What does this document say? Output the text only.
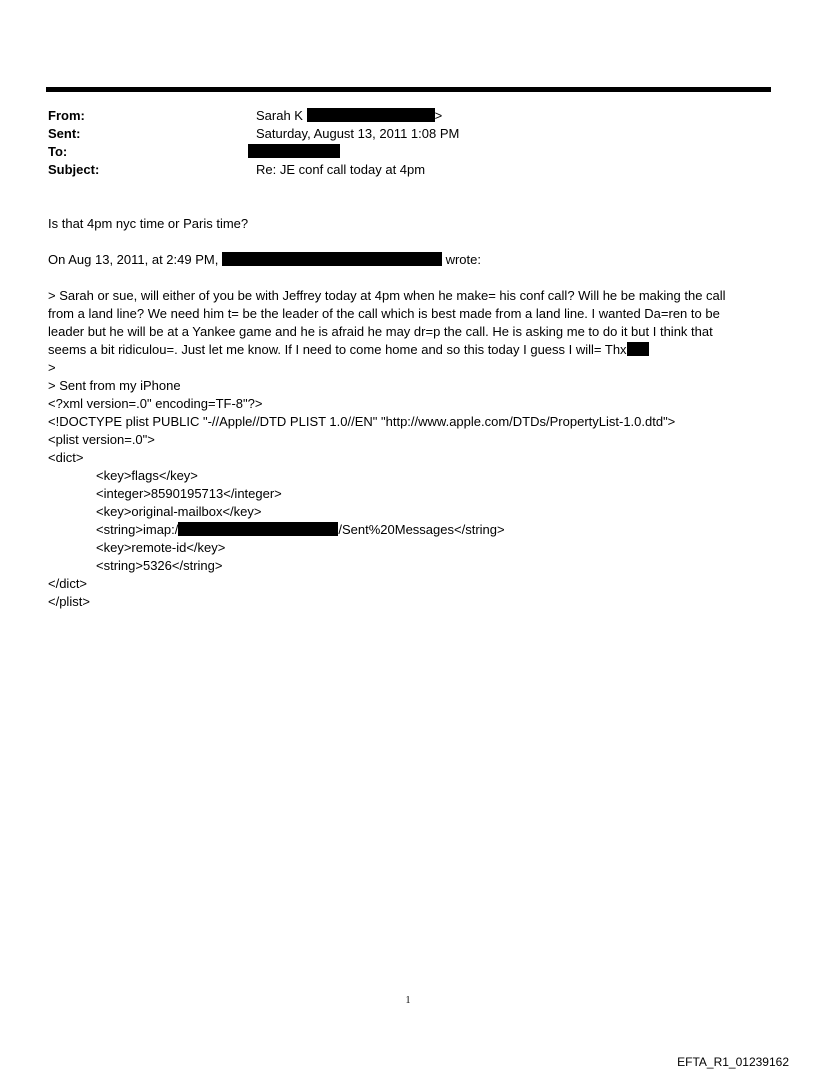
From:	Sarah K	>
Sent:	Saturday, August 13, 2011 1:08 PM
To:
Subject:	Re: JE conf call today at 4pm
Is that 4pm nyc time or Paris time?
On Aug 13, 2011, at 2:49 PM,	wrote:
> Sarah or sue, will either of you be with Jeffrey today at 4pm when he make= his conf call? Will he be making the call
from a land line? We need him t= be the leader of the call which is best made from a land line. I wanted Da=ren to be
leader but he will be at a Yankee game and he is afraid he may dr=p the call. He is asking me to do it but I think that
seems a bit ridiculou=. Just let me know. If I need to come home and so this today I guess I will= Thx
>
> Sent from my iPhone
<?xml version=.0" encoding=TF-8"?>
<!DOCTYPE plist PUBLIC "-//Apple//DTD PLIST 1.0//EN" "http://www.apple.com/DTDs/PropertyList-1.0.dtd">
<plist version=.0">
<dict>
<key>flags</key>
<integer>8590195713</integer>
<key>original-mailbox</key>
<string>imap:/	/Sent%20Messages</string>
<key>remote-id</key>
<string>5326</string>
</dict>
</plist>
1
EFTA_R1_01239162
